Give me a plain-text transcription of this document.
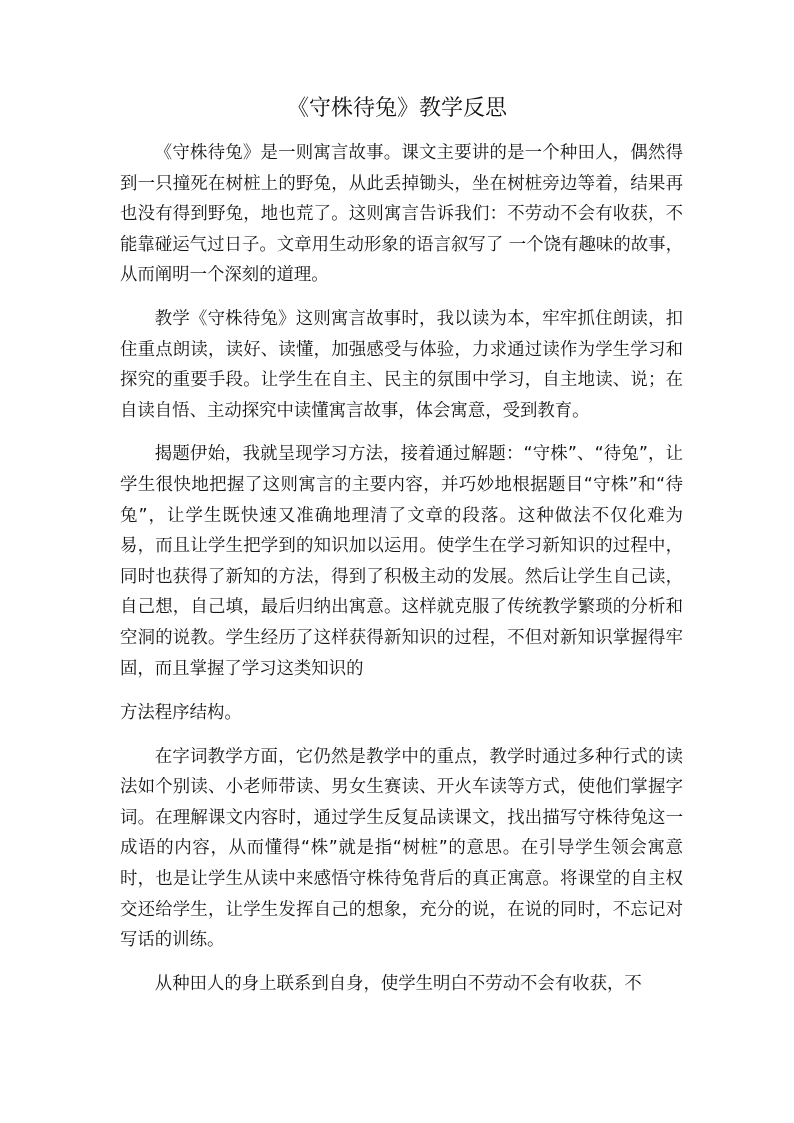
《守株待兔》教学反思

《守株待兔》是一则寓言故事。课文主要讲的是一个种田人，偶然得到一只撞死在树桩上的野兔，从此丢掉锄头，坐在树桩旁边等着，结果再也没有得到野兔，地也荒了。这则寓言告诉我们：不劳动不会有收获，不能靠碰运气过日子。文章用生动形象的语言叙写了 一个饶有趣味的故事，从而阐明一个深刻的道理。

教学《守株待兔》这则寓言故事时，我以读为本，牢牢抓住朗读，扣住重点朗读，读好、读懂，加强感受与体验，力求通过读作为学生学习和探究的重要手段。让学生在自主、民主的氛围中学习，自主地读、说；在自读自悟、主动探究中读懂寓言故事，体会寓意，受到教育。

揭题伊始，我就呈现学习方法，接着通过解题：“守株”、“待兔”，让学生很快地把握了这则寓言的主要内容，并巧妙地根据题目“守株”和“待兔”，让学生既快速又准确地理清了文章的段落。这种做法不仅化难为易，而且让学生把学到的知识加以运用。使学生在学习新知识的过程中，同时也获得了新知的方法，得到了积极主动的发展。然后让学生自己读，自己想，自己填，最后归纳出寓意。这样就克服了传统教学繁琐的分析和空洞的说教。学生经历了这样获得新知识的过程，不但对新知识掌握得牢固，而且掌握了学习这类知识的

方法程序结构。

在字词教学方面，它仍然是教学中的重点，教学时通过多种行式的读法如个别读、小老师带读、男女生赛读、开火车读等方式，使他们掌握字词。在理解课文内容时，通过学生反复品读课文，找出描写守株待兔这一成语的内容，从而懂得“株”就是指“树桩”的意思。在引导学生领会寓意时，也是让学生从读中来感悟守株待兔背后的真正寓意。将课堂的自主权交还给学生，让学生发挥自己的想象，充分的说，在说的同时，不忘记对写话的训练。

从种田人的身上联系到自身，使学生明白不劳动不会有收获，不
